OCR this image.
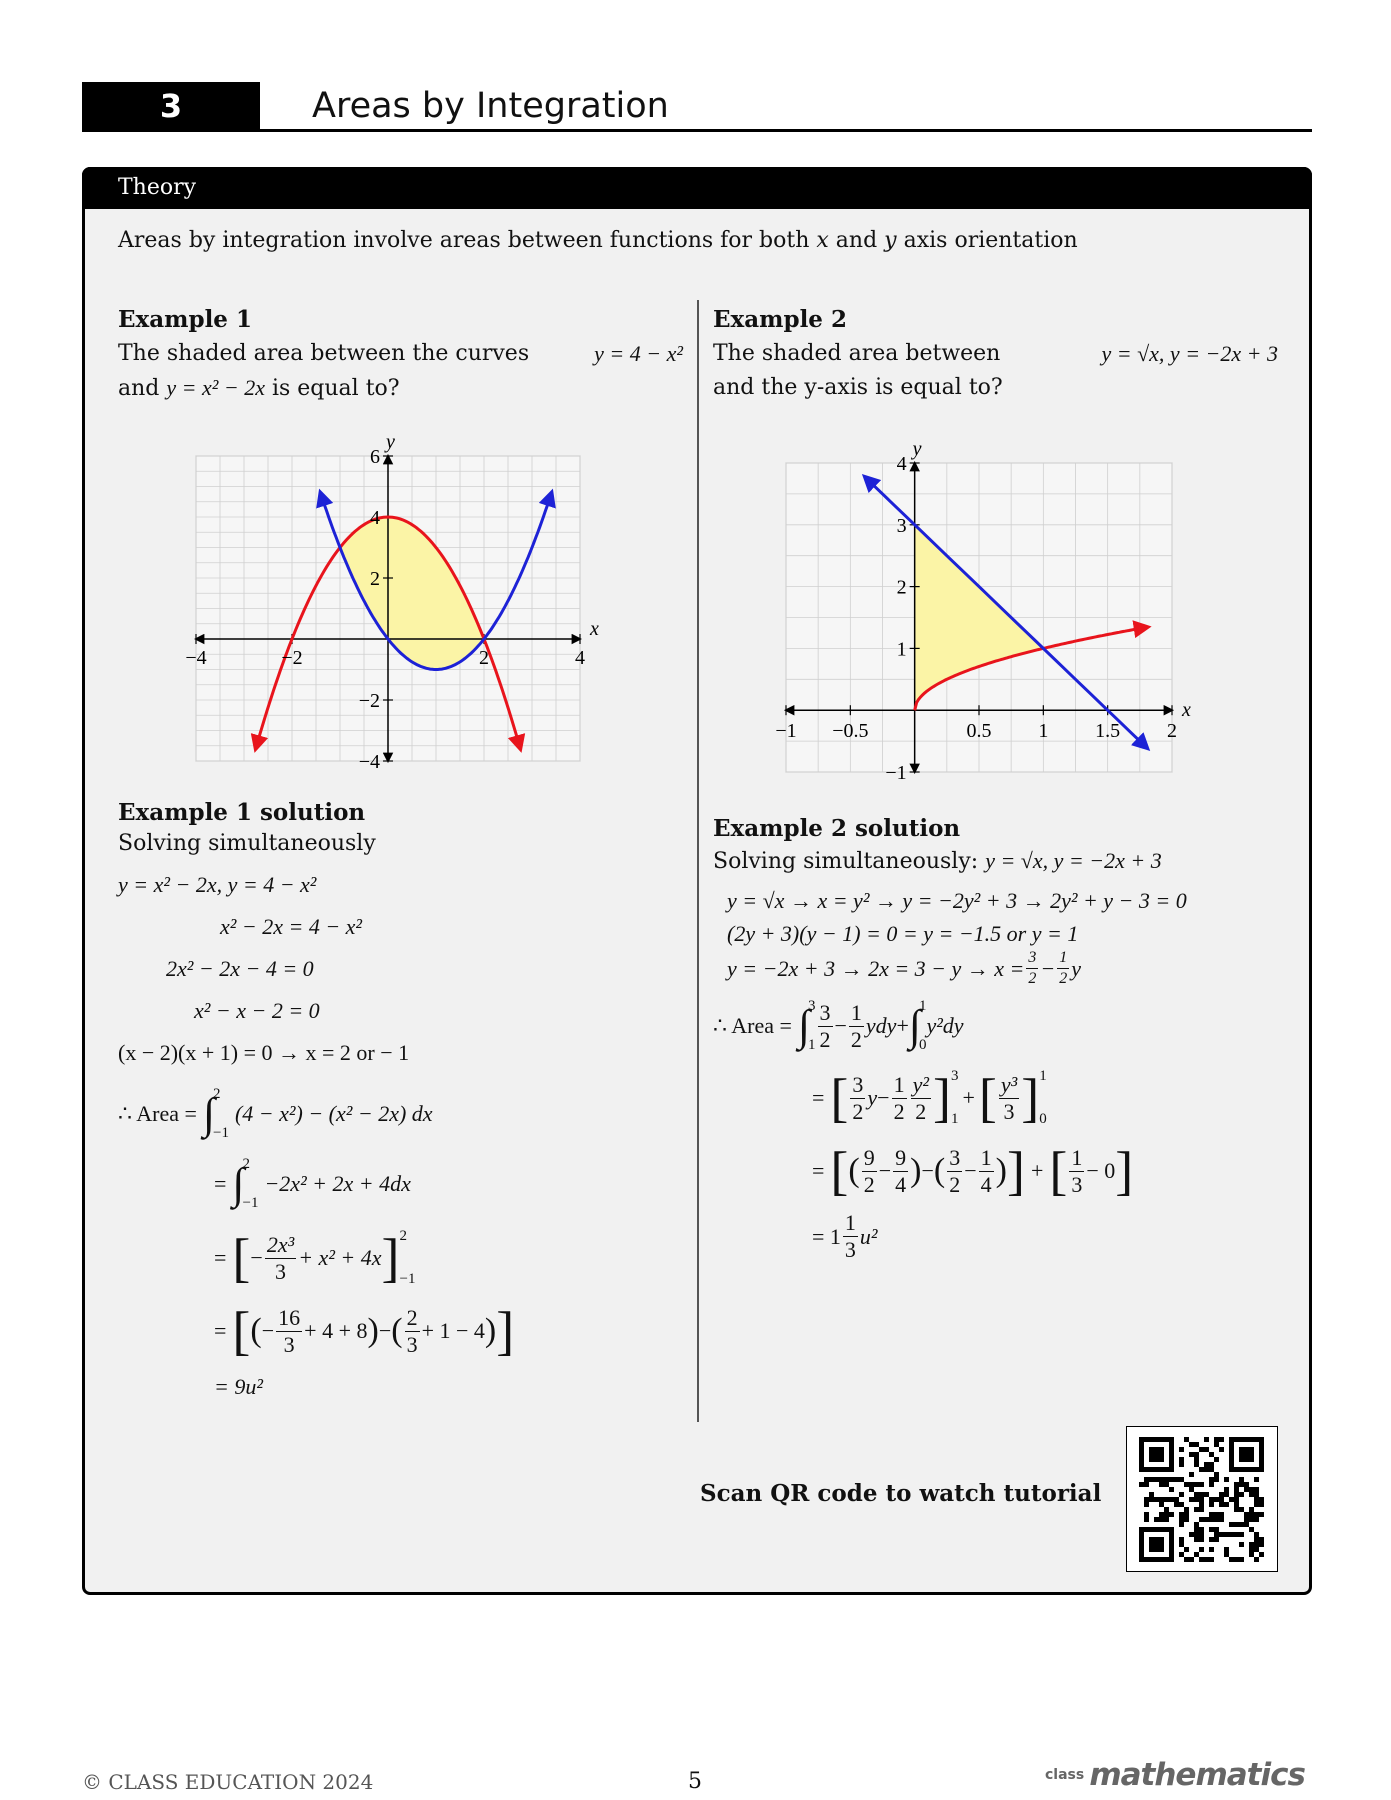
3	Areas by Integration
Theory
Areas by integration involve areas between functions for both x and y axis orientation
Example 1
The shaded area between the curves	y = 4 − x²
and y = x² − 2x is equal to?
−4	−2	2	4
6
4
2
−2
−4
x
y
Example 1 solution
Solving simultaneously
y = x² − 2x, y = 4 − x²
x² − 2x = 4 − x²
2x² − 2x − 4 = 0
x² − x − 2 = 0
(x − 2)(x + 1) = 0 → x = 2 or − 1
∴ Area = ∫
2
−1
(4 − x²) − (x² − 2x) dx
= ∫
2
−1
−2x² + 2x + 4dx
= [ − $\frac{\text{2x³}}{3} + x^2 + 4x$ ] 2
−1
= [ ( − $\frac{16}{3} + 4 + 8$ ) − ( $\frac{2}{3} + 1 - 4$ ) ]
= 9u²
Example 2
The shaded area between	y = √x, y = −2x + 3
and the y-axis is equal to?
−1 −0.5	0.5 1 1.5 2
4
3
2
1
−1
x
y
Example 2 solution
Solving simultaneously: y = √x, y = −2x + 3
y = √x → x = y² → y = −2y² + 3 → 2y² + y − 3 = 0
(2y + 3)(y − 1) = 0 = y = −1.5 or y = 1
$y = -2x + 3 \to 2x = 3 - y \to x = \frac{3}{2} - \frac{1}{2}$ y
∴ Area = ∫
3
$1 \frac{3}{2} - \frac{1}{2}$ ydy + ∫
1
0
y²dy
= [ $\frac{3}{2}$ $y - \frac{1}{2} \frac{\text{y²}}{2}$ ] 3
1
+ [ $\frac{\text{y³}}{3}$ ] 1
0
= [ ( $\frac{9}{2} - \frac{9}{4}$ ) − ( $\frac{3}{2} - \frac{1}{4}$ ) ] + [ $\frac{1}{3} - 0$ ]
= $1 \frac{1}{3} u^2$
Scan QR code to watch tutorial
© CLASS EDUCATION 2024	5	class mathematics
